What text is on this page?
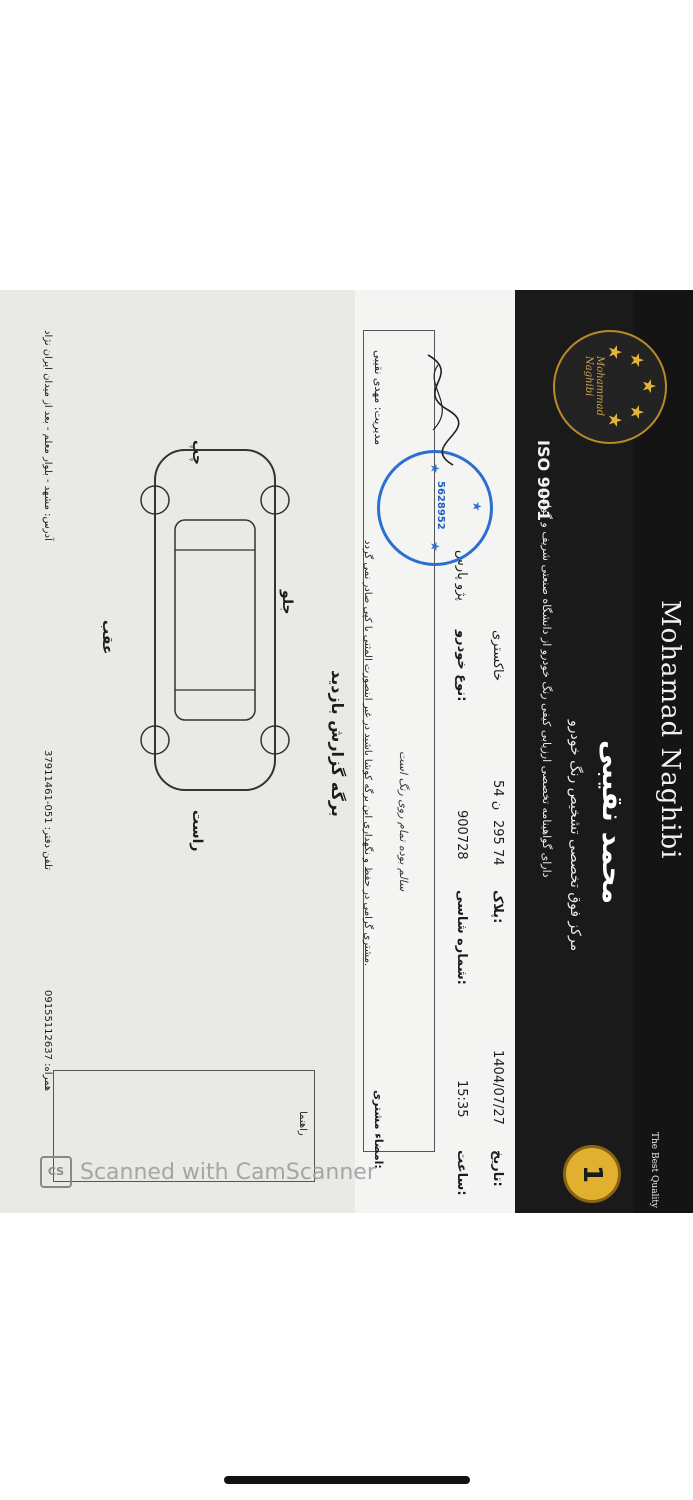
Mohamad Naghibi
★
★
★
★
★
Mohammad Naghibi
محمد نقیبی
مرکز فوق تخصصی تشخیص رنگ خودرو
دارای گواهینامه تخصصی ارزیابی کیفی رنگ خودرو از دانشگاه صنعتی شریف و گواهی
ISO 9001
The Best Quality
1
تاریخ:
1404/07/27
ساعت:
15:35
پلاک:
295 74
54 ن
شماره شاسی:
900728
نوع خودرو:
پژو پارس
خاکستری
سالم بوده تمام روی رنگ است
امضاء مشتری:
مدیریت: مهدی نقیبی
★
★
★
5628952
مشتری گرامی در حفظ و نگهداری این برگه کوشا باشید در غیر اینصورت المثنی یا کپی صادر نمی گردد.
برگه گزارش بازدید
جلو
عقب
چپ
راست
راهنما
آدرس: مشهد - بلوار معلم - بعد از میدان ایران نژاد
تلفن دفتر: 051-37911461
همراه: 09155112637
CS Scanned with CamScanner
